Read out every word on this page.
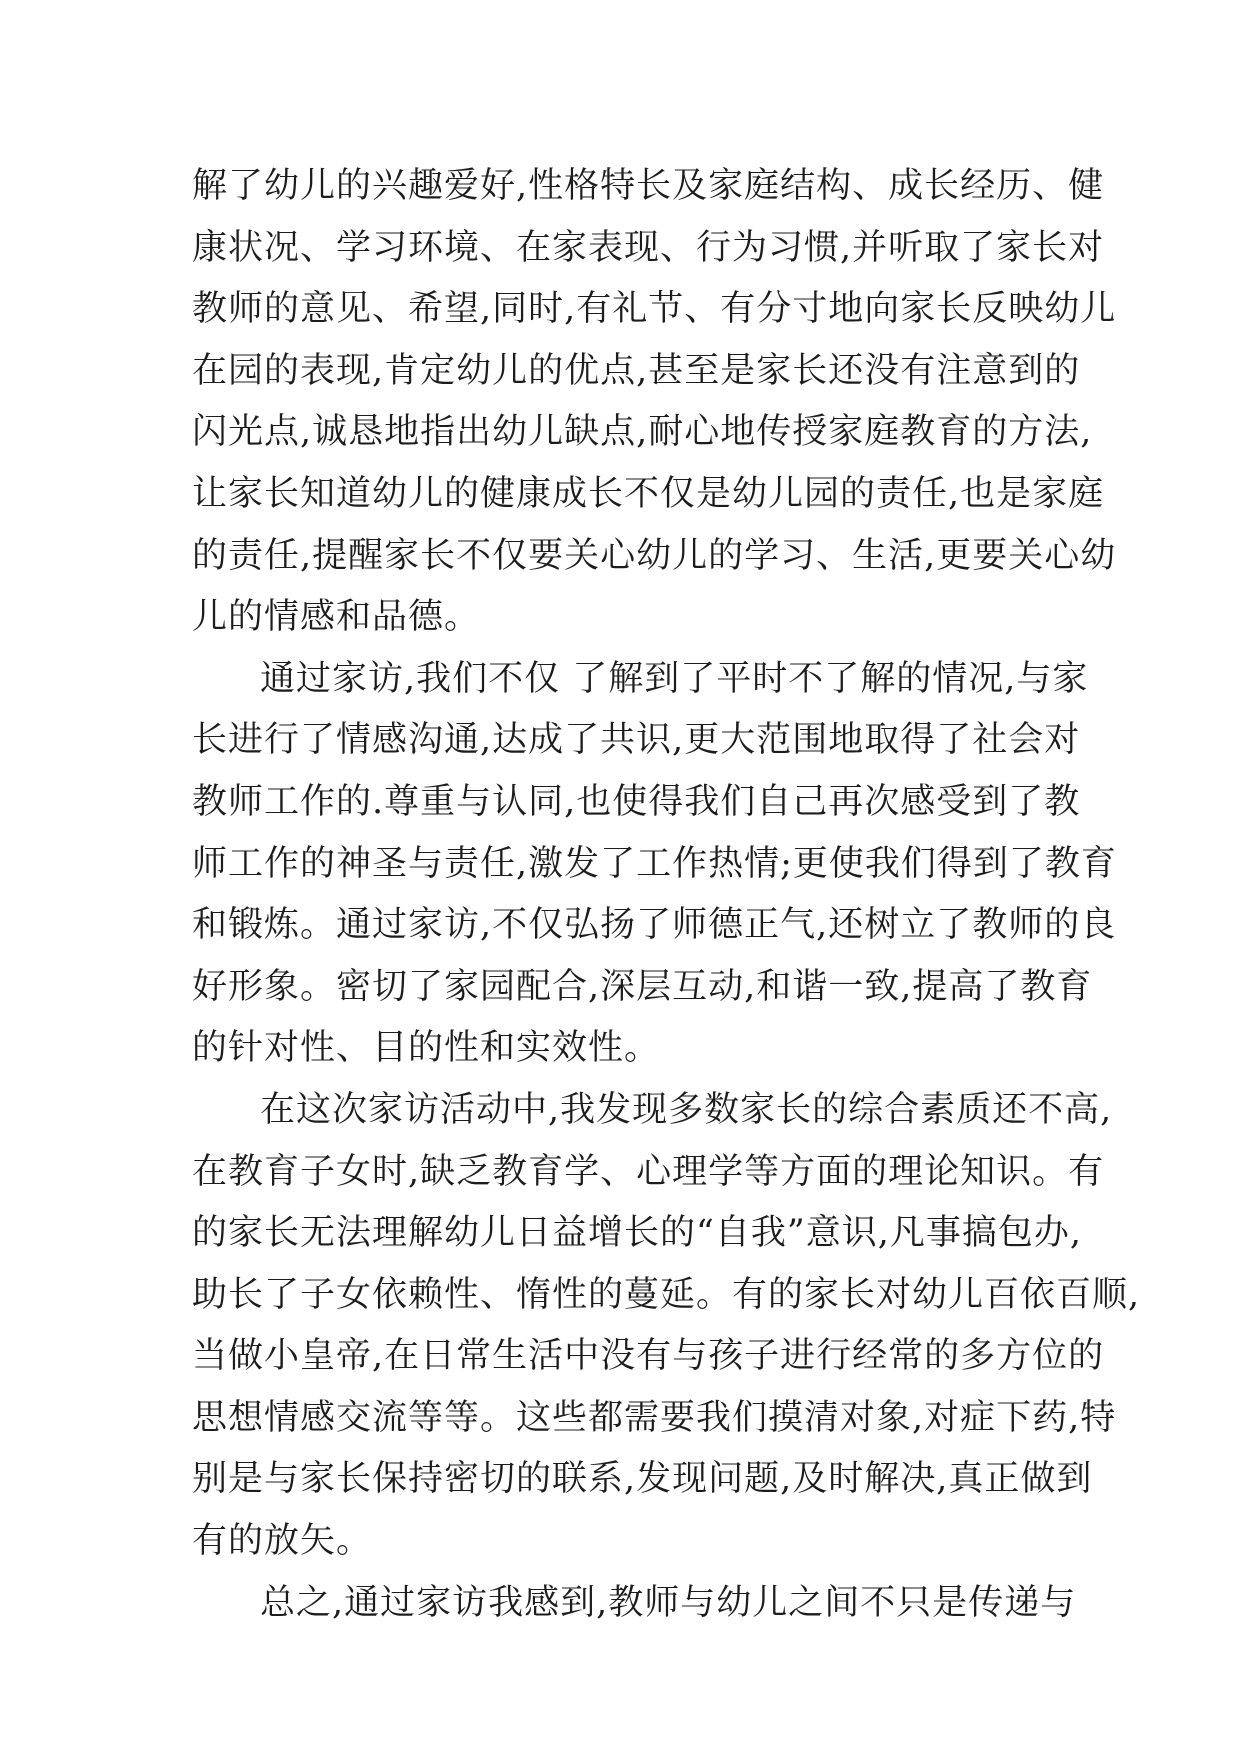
解了幼儿的兴趣爱好,性格特长及家庭结构、成长经历、健
康状况、学习环境、在家表现、行为习惯,并听取了家长对
教师的意见、希望,同时,有礼节、有分寸地向家长反映幼儿
在园的表现,肯定幼儿的优点,甚至是家长还没有注意到的
闪光点,诚恳地指出幼儿缺点,耐心地传授家庭教育的方法,
让家长知道幼儿的健康成长不仅是幼儿园的责任,也是家庭
的责任,提醒家长不仅要关心幼儿的学习、生活,更要关心幼
儿的情感和品德。
通过家访,我们不仅 了解到了平时不了解的情况,与家
长进行了情感沟通,达成了共识,更大范围地取得了社会对
教师工作的.尊重与认同,也使得我们自己再次感受到了教
师工作的神圣与责任,激发了工作热情;更使我们得到了教育
和锻炼。通过家访,不仅弘扬了师德正气,还树立了教师的良
好形象。密切了家园配合,深层互动,和谐一致,提高了教育
的针对性、目的性和实效性。
在这次家访活动中,我发现多数家长的综合素质还不高,
在教育子女时,缺乏教育学、心理学等方面的理论知识。有
的家长无法理解幼儿日益增长的“自我”意识,凡事搞包办,
助长了子女依赖性、惰性的蔓延。有的家长对幼儿百依百顺,
当做小皇帝,在日常生活中没有与孩子进行经常的多方位的
思想情感交流等等。这些都需要我们摸清对象,对症下药,特
别是与家长保持密切的联系,发现问题,及时解决,真正做到
有的放矢。
总之,通过家访我感到,教师与幼儿之间不只是传递与
